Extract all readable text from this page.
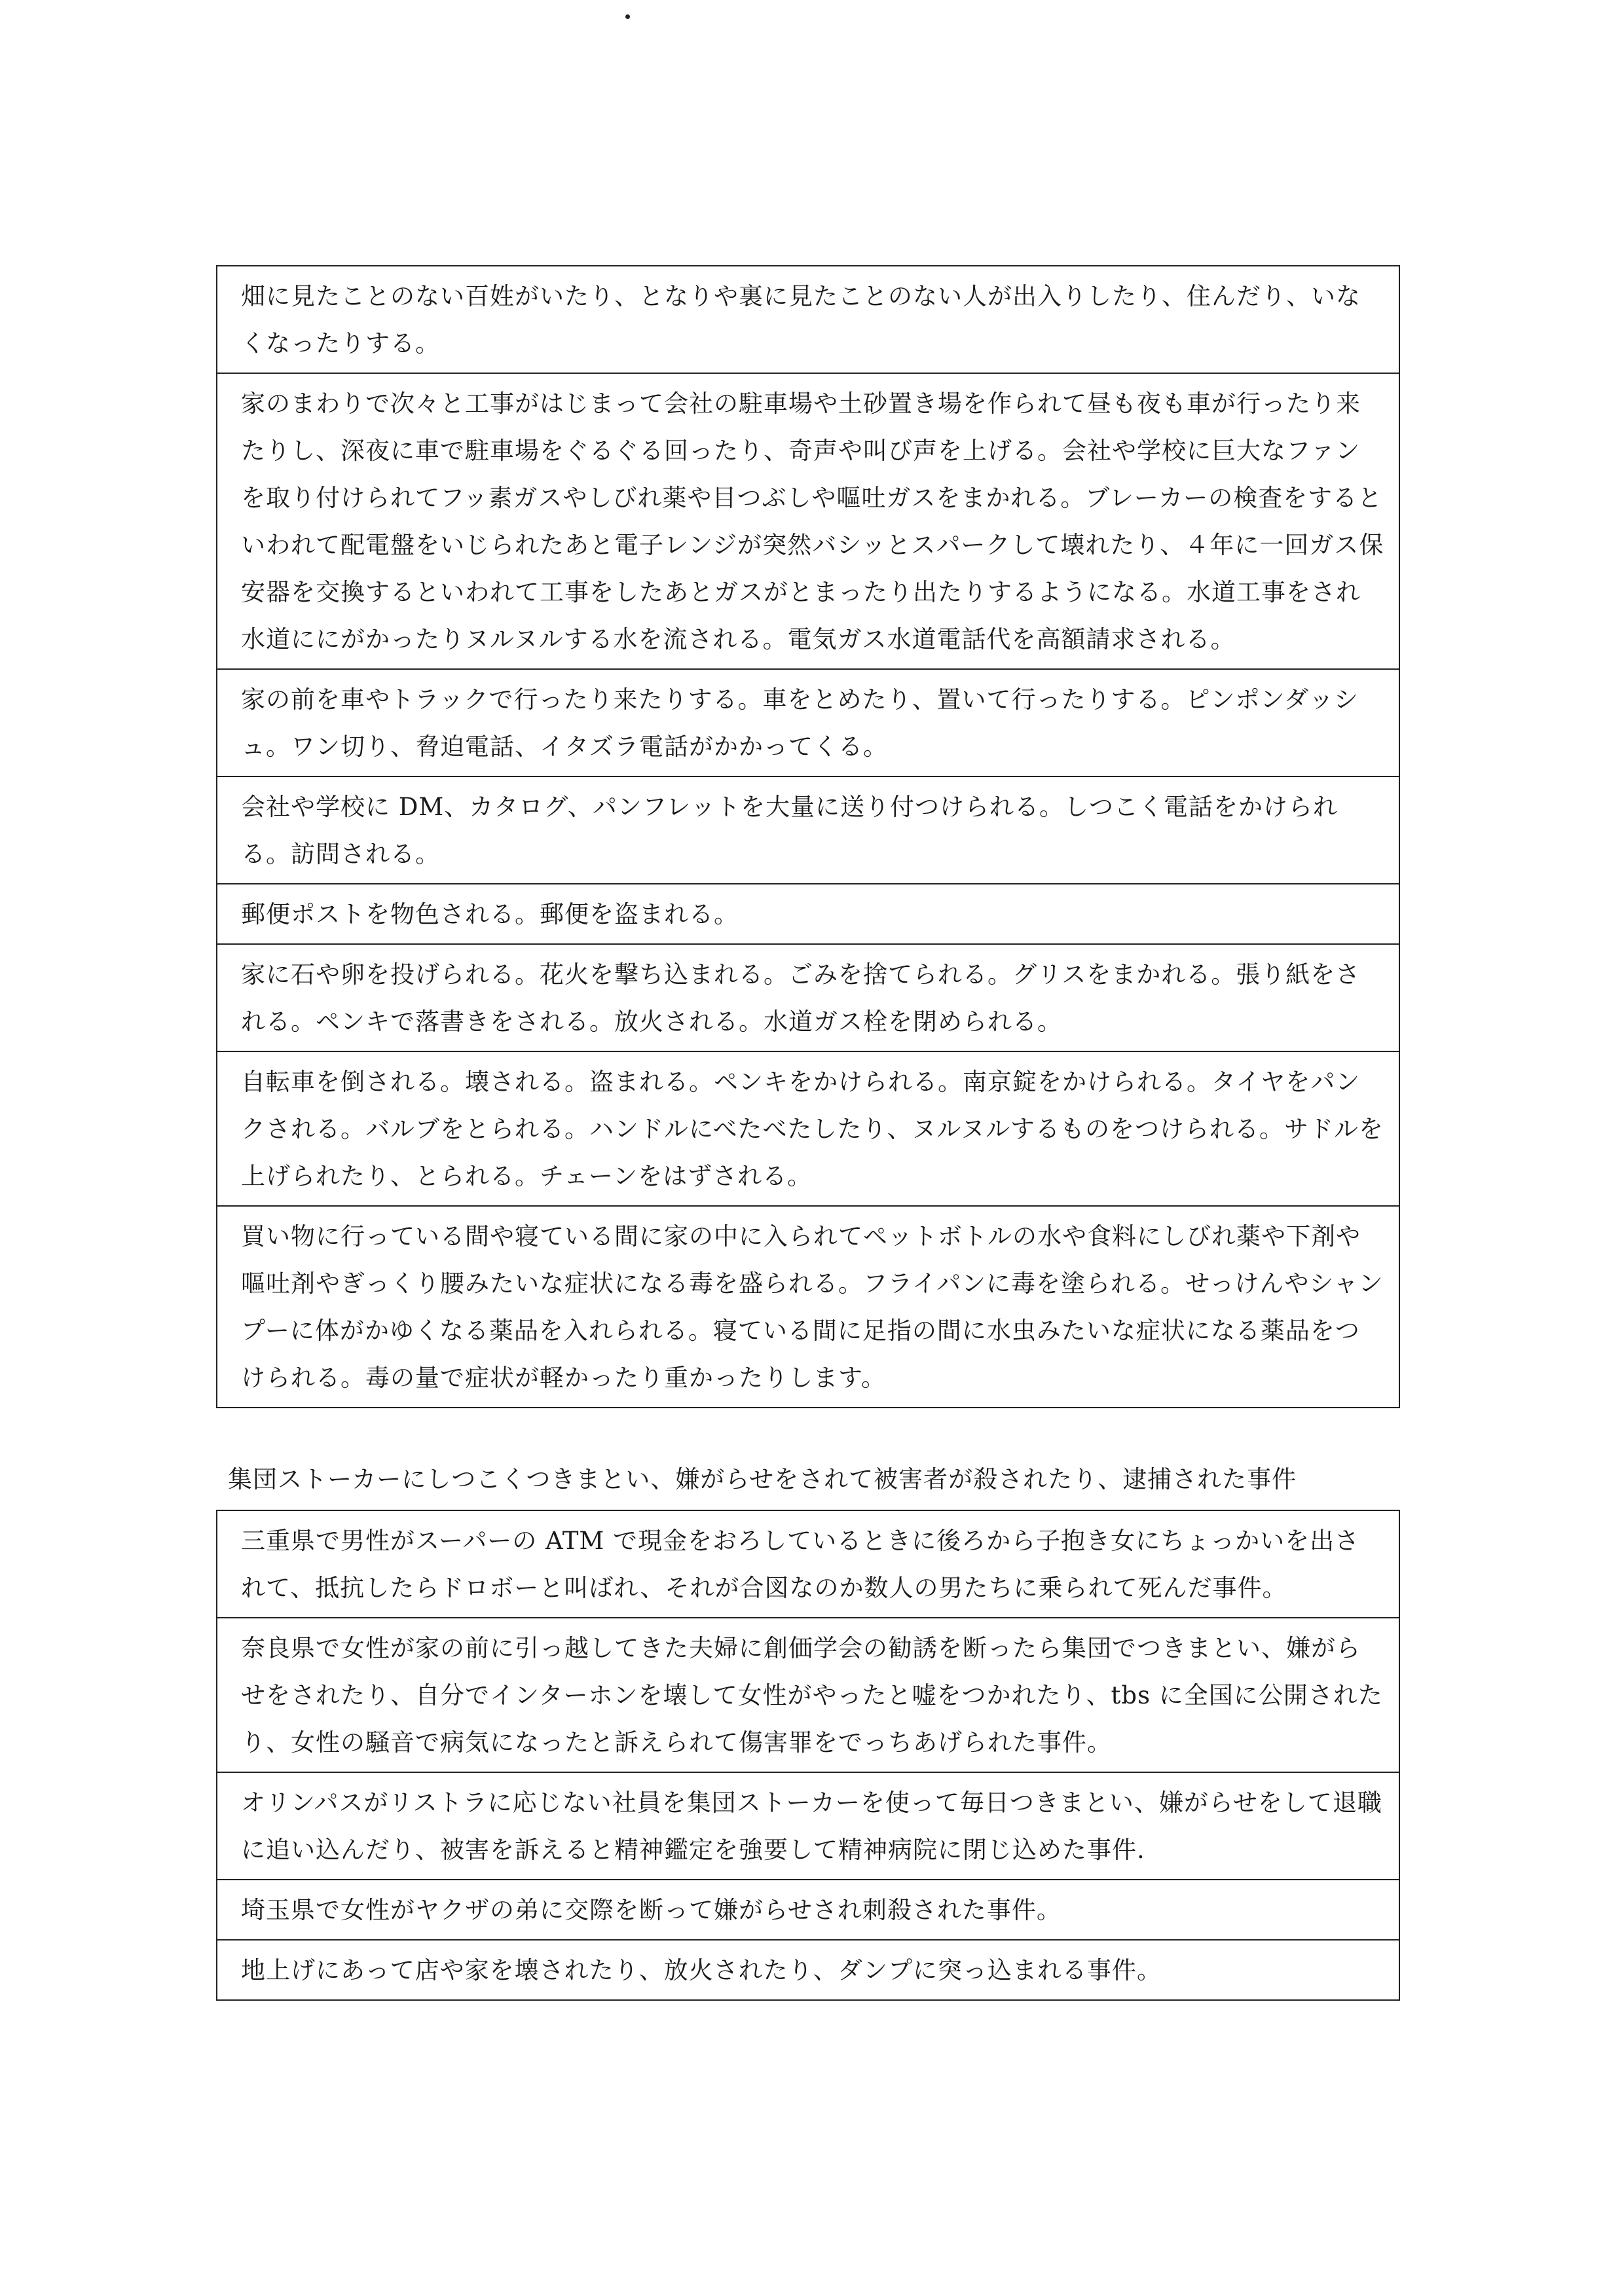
畑に見たことのない百姓がいたり、となりや裏に見たことのない人が出入りしたり、住んだり、いなくなったりする。
家のまわりで次々と工事がはじまって会社の駐車場や土砂置き場を作られて昼も夜も車が行ったり来たりし、深夜に車で駐車場をぐるぐる回ったり、奇声や叫び声を上げる。会社や学校に巨大なファンを取り付けられてフッ素ガスやしびれ薬や目つぶしや嘔吐ガスをまかれる。ブレーカーの検査をするといわれて配電盤をいじられたあと電子レンジが突然バシッとスパークして壊れたり、４年に一回ガス保安器を交換するといわれて工事をしたあとガスがとまったり出たりするようになる。水道工事をされ水道ににがかったりヌルヌルする水を流される。電気ガス水道電話代を高額請求される。
家の前を車やトラックで行ったり来たりする。車をとめたり、置いて行ったりする。ピンポンダッシュ。ワン切り、脅迫電話、イタズラ電話がかかってくる。
会社や学校に DM、カタログ、パンフレットを大量に送り付つけられる。しつこく電話をかけられる。訪問される。
郵便ポストを物色される。郵便を盗まれる。
家に石や卵を投げられる。花火を撃ち込まれる。ごみを捨てられる。グリスをまかれる。張り紙をされる。ペンキで落書きをされる。放火される。水道ガス栓を閉められる。
自転車を倒される。壊される。盗まれる。ペンキをかけられる。南京錠をかけられる。タイヤをパンクされる。バルブをとられる。ハンドルにべたべたしたり、ヌルヌルするものをつけられる。サドルを上げられたり、とられる。チェーンをはずされる。
買い物に行っている間や寝ている間に家の中に入られてペットボトルの水や食料にしびれ薬や下剤や嘔吐剤やぎっくり腰みたいな症状になる毒を盛られる。フライパンに毒を塗られる。せっけんやシャンプーに体がかゆくなる薬品を入れられる。寝ている間に足指の間に水虫みたいな症状になる薬品をつけられる。毒の量で症状が軽かったり重かったりします。
集団ストーカーにしつこくつきまとい、嫌がらせをされて被害者が殺されたり、逮捕された事件
三重県で男性がスーパーの ATM で現金をおろしているときに後ろから子抱き女にちょっかいを出されて、抵抗したらドロボーと叫ばれ、それが合図なのか数人の男たちに乗られて死んだ事件。
奈良県で女性が家の前に引っ越してきた夫婦に創価学会の勧誘を断ったら集団でつきまとい、嫌がらせをされたり、自分でインターホンを壊して女性がやったと嘘をつかれたり、tbs に全国に公開されたり、女性の騒音で病気になったと訴えられて傷害罪をでっちあげられた事件。
オリンパスがリストラに応じない社員を集団ストーカーを使って毎日つきまとい、嫌がらせをして退職に追い込んだり、被害を訴えると精神鑑定を強要して精神病院に閉じ込めた事件.
埼玉県で女性がヤクザの弟に交際を断って嫌がらせされ刺殺された事件。
地上げにあって店や家を壊されたり、放火されたり、ダンプに突っ込まれる事件。
